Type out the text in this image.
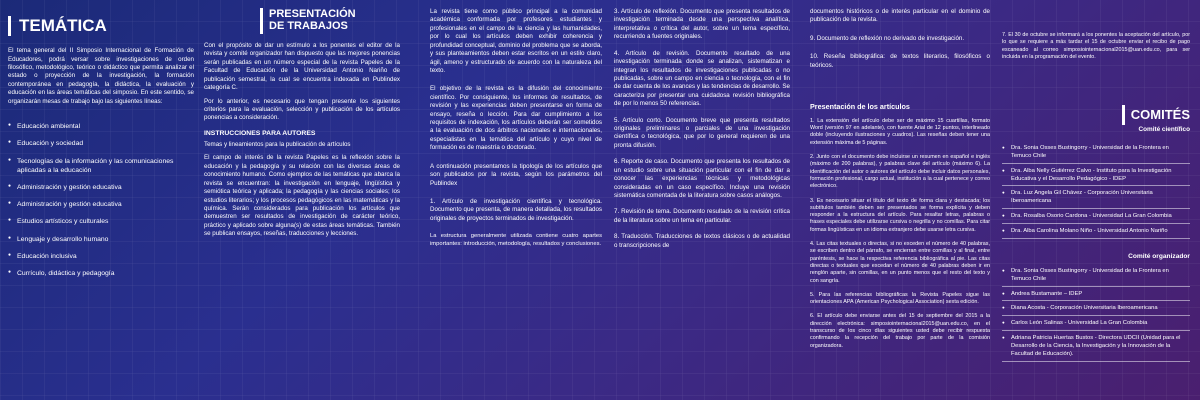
TEMÁTICA

El tema general del II Simposio Internacional de Formación de Educadores, podrá versar sobre investigaciones de orden filosófico, metodológico, teórico o didáctico que permita analizar el estado o proyección de la investigación, la formación contemporánea en pedagogía, la didáctica, la evaluación y educación en las áreas temáticas del simposio. En este sentido, se organizarán mesas de trabajo bajo las siguientes líneas:

● Educación ambiental
● Educación y sociedad
● Tecnologías de la información y las comunicaciones aplicadas a la educación
● Administración y gestión educativa
● Administración y gestión educativa
● Estudios artísticos y culturales
● Lenguaje y desarrollo humano
● Educación inclusiva
● Currículo, didáctica y pedagogía
PRESENTACIÓN
DE TRABAJOS

Con el propósito de dar un estímulo a los ponentes el editor de la revista y comité organizador han dispuesto que las mejores ponencias serán publicadas en un número especial de la revista Papeles de la Facultad de Educación de la Universidad Antonio Nariño de publicación semestral, la cual se encuentra indexada en Publindex categoría C.

Por lo anterior, es necesario que tengan presente los siguientes criterios para la evaluación, selección y publicación de los artículos ponencias a consideración.

INSTRUCCIONES PARA AUTORES

Temas y lineamientos para la publicación de artículos

El campo de interés de la revista Papeles es la reflexión sobre la educación y la pedagogía y su relación con las diversas áreas de conocimiento humano. Como ejemplos de las temáticas que abarca la revista se encuentran: la investigación en lenguaje, lingüística y semiótica teórica y aplicada; la pedagogía y las ciencias sociales; los estudios literarios; y los procesos pedagógicos en las matemáticas y la química. Serán considerados para publicación los artículos que demuestren ser resultados de investigación de carácter teórico, práctico y aplicado sobre alguna(s) de estas áreas temáticas. También se publican ensayos, reseñas, traducciones y lecciones.

La revista tiene como público principal a la comunidad académica conformada por profesores estudiantes y profesionales en el campo de la ciencia y las humanidades, por lo cual los artículos deben exhibir coherencia y profundidad conceptual, dominio del problema que se aborda, y sus planteamientos deben estar escritos en un estilo claro, ágil, ameno y estructurado de acuerdo con la naturaleza del texto.

El objetivo de la revista es la difusión del conocimiento científico. Por consiguiente, los informes de resultados, de revisión y las experiencias deben presentarse en forma de ensayo, reseña o lección. Para dar cumplimiento a los requisitos de indexación, los artículos deberán ser sometidos a la evaluación de dos árbitros nacionales e internacionales, especialistas en la temática del artículo y cuyo nivel de formación es de maestría o doctorado.

A continuación presentamos la tipología de los artículos que son publicados por la revista, según los parámetros del Publindex

1. Artículo de investigación científica y tecnológica. Documento que presenta, de manera detallada, los resultados originales de proyectos terminados de investigación.

La estructura generalmente utilizada contiene cuatro apartes importantes: introducción, metodología, resultados y conclusiones.

3. Artículo de reflexión. Documento que presenta resultados de investigación terminada desde una perspectiva analítica, interpretativa o crítica del autor, sobre un tema específico, recurriendo a fuentes originales.

4. Artículo de revisión. Documento resultado de una investigación terminada donde se analizan, sistematizan e integran los resultados de investigaciones publicadas o no publicadas, sobre un campo en ciencia o tecnología, con el fin de dar cuenta de los avances y las tendencias de desarrollo. Se caracteriza por presentar una cuidadosa revisión bibliográfica de por lo menos 50 referencias.

5. Artículo corto. Documento breve que presenta resultados originales preliminares o parciales de una investigación científica o tecnológica, que por lo general requieren de una pronta difusión.

6. Reporte de caso. Documento que presenta los resultados de un estudio sobre una situación particular con el fin de dar a conocer las experiencias técnicas y metodológicas consideradas en un caso específico. Incluye una revisión sistemática comentada de la literatura sobre casos análogos.

7. Revisión de tema. Documento resultado de la revisión crítica de la literatura sobre un tema en particular.

8. Traducción. Traducciones de textos clásicos o de actualidad o transcripciones de

documentos históricos o de interés particular en el dominio de publicación de la revista.

9. Documento de reflexión no derivado de investigación.

10. Reseña bibliográfica: de textos literarios, filosóficos o teóricos.

Presentación de los artículos

1. La extensión del artículo debe ser de máximo 15 cuartillas, formato Word (versión 97 en adelante), con fuente Arial de 12 puntos, interlineado doble (incluyendo ilustraciones y cuadros). Las reseñas deben tener una extensión máxima de 5 páginas.

2. Junto con el documento debe incluirse un resumen en español e inglés (máximo de 200 palabras), y palabras clave del artículo (máximo 6). La identificación del autor o autores del artículo debe incluir datos personales, formación profesional, cargo actual, institución a la cual pertenece y correo electrónico.

3. Es necesario situar el título del texto de forma clara y destacada; los subtítulos también deben ser presentados se forma explícita y deben responder a la estructura del artículo. Para resaltar letras, palabras o frases especiales debe utilizarse cursiva o negrilla y no comillas. Para citar formas lingüísticas en un idioma extranjero debe usarse letra cursiva.

4. Las citas textuales o directas, si no exceden el número de 40 palabras, se escriben dentro del párrafo, se encierran entre comillas y al final, entre paréntesis, se hace la respectiva referencia bibliográfica al pie. Las citas directas o textuales que excedan el número de 40 palabras deben ir en renglón aparte, sin comillas, en un punto menos que el resto del texto y con sangría.

5. Para las referencias bibliográficas la Revista Papeles sigue las orientaciones APA (American Psychological Association) sexta edición.

6. El artículo debe enviarse antes del 15 de septiembre del 2015 a la dirección electrónica: simposiointernacional2015@uan.edu.co, en el transcurso de los cinco días siguientes usted debe recibir respuesta confirmando la recepción del trabajo por parte de la comisión organizadora.

7. El 30 de octubre se informará a los ponentes la aceptación del artículo, por lo que se requiere a más tardar el 15 de octubre enviar el recibo de pago escaneado al correo simposiointernacional2015@uan.edu.co, para ser incluida en la programación del evento.

COMITÉS
Comité científico
● Dra. Sonia Osses Bustingorry - Universidad de la Frontera en Temuco Chile
● Dra. Alba Nelly Gutiérrez Calvo - Instituto para la Investigación Educativa y el Desarrollo Pedagógico - IDEP
● Dra. Luz Angela Gil Chávez - Corporación Universitaria Iberoamericana
● Dra. Rosalba Osorio Cardona - Universidad La Gran Colombia
● Dra. Alba Carolina Molano Niño - Universidad Antonio Nariño
Comité organizador
● Dra. Sonia Osses Bustingorry - Universidad de la Frontera en Temuco Chile
● Andrea Bustamante – IDEP
● Diana Acosta - Corporación Universitaria Iberoamericana
● Carlos León Salinas - Universidad La Gran Colombia
● Adriana Patricia Huertas Bustos - Directora UDCII (Unidad para el Desarrollo de la Ciencia, la Investigación y la Innovación de la Facultad de Educación).
